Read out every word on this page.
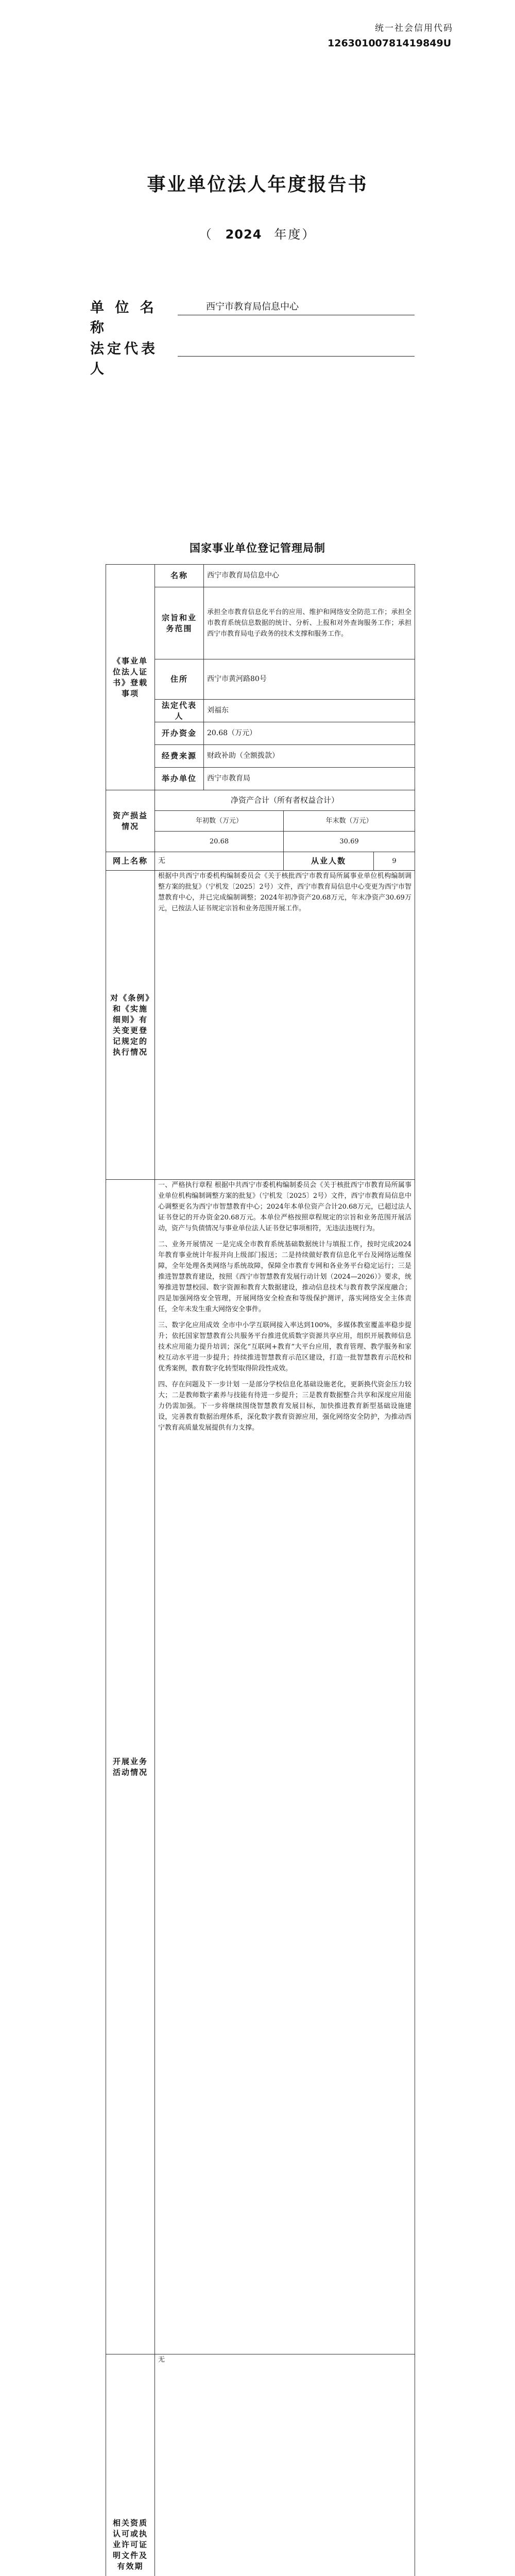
统一社会信用代码
12630100781419849U
事业单位法人年度报告书
（ 2024 年度）
单 位 名 称
西宁市教育局信息中心
法定代表人
国家事业单位登记管理局制
《事业单位法人证书》登载事项	名称	西宁市教育局信息中心		
	宗旨和业务范围	承担全市教育信息化平台的应用、维护和网络安全防范工作；承担全市教育系统信息数据的统计、分析、上报和对外查询服务工作；承担西宁市教育局电子政务的技术支撑和服务工作。		
	住所	西宁市黄河路80号		
	法定代表人	刘福东		
	开办资金	20.68（万元）		
	经费来源	财政补助（全额拨款）		
	举办单位	西宁市教育局		
资产损益情况	净资产合计（所有者权益合计）			
	年初数（万元）		年末数（万元）	
	20.68		30.69	
网上名称	无		从业人数	9
对《条例》和《实施细则》有关变更登记规定的执行情况	根据中共西宁市委机构编制委员会《关于核批西宁市教育局所属事业单位机构编制调整方案的批复》（宁机发〔2025〕2号）文件，西宁市教育局信息中心变更为西宁市智慧教育中心，并已完成编制调整；2024年初净资产20.68万元，年末净资产30.69万元，已按法人证书规定宗旨和业务范围开展工作。			
开展业务活动情况	一、严格执行章程 根据中共西宁市委机构编制委员会《关于核批西宁市教育局所属事业单位机构编制调整方案的批复》（宁机发〔2025〕2号）文件，西宁市教育局信息中心调整更名为西宁市智慧教育中心；2024年本单位资产合计20.68万元，已超过法人证书登记的开办资金20.68万元。本单位严格按照章程规定的宗旨和业务范围开展活动，资产与负债情况与事业单位法人证书登记事项相符，无违法违规行为。

二、业务开展情况 一是完成全市教育系统基础数据统计与填报工作，按时完成2024年教育事业统计年报并向上级部门报送；二是持续做好教育信息化平台及网络运维保障，全年处理各类网络与系统故障，保障全市教育专网和各业务平台稳定运行；三是推进智慧教育建设，按照《西宁市智慧教育发展行动计划（2024—2026）》要求，统筹推进智慧校园、数字资源和教育大数据建设，推动信息技术与教育教学深度融合；四是加强网络安全管理，开展网络安全检查和等级保护测评，落实网络安全主体责任，全年未发生重大网络安全事件。

三、数字化应用成效 全市中小学互联网接入率达到100%，多媒体教室覆盖率稳步提升；依托国家智慧教育公共服务平台推进优质数字资源共享应用，组织开展教师信息技术应用能力提升培训；深化“互联网+教育”大平台应用，教育管理、教学服务和家校互动水平进一步提升；持续推进智慧教育示范区建设，打造一批智慧教育示范校和优秀案例，教育数字化转型取得阶段性成效。

四、存在问题及下一步计划 一是部分学校信息化基础设施老化，更新换代资金压力较大；二是教师数字素养与技能有待进一步提升；三是教育数据整合共享和深度应用能力仍需加强。下一步将继续围绕智慧教育发展目标，加快推进教育新型基础设施建设，完善教育数据治理体系，深化数字教育资源应用，强化网络安全防护，为推动西宁教育高质量发展提供有力支撑。			

相关资质认可或执业许可证明文件及有效期	无			
